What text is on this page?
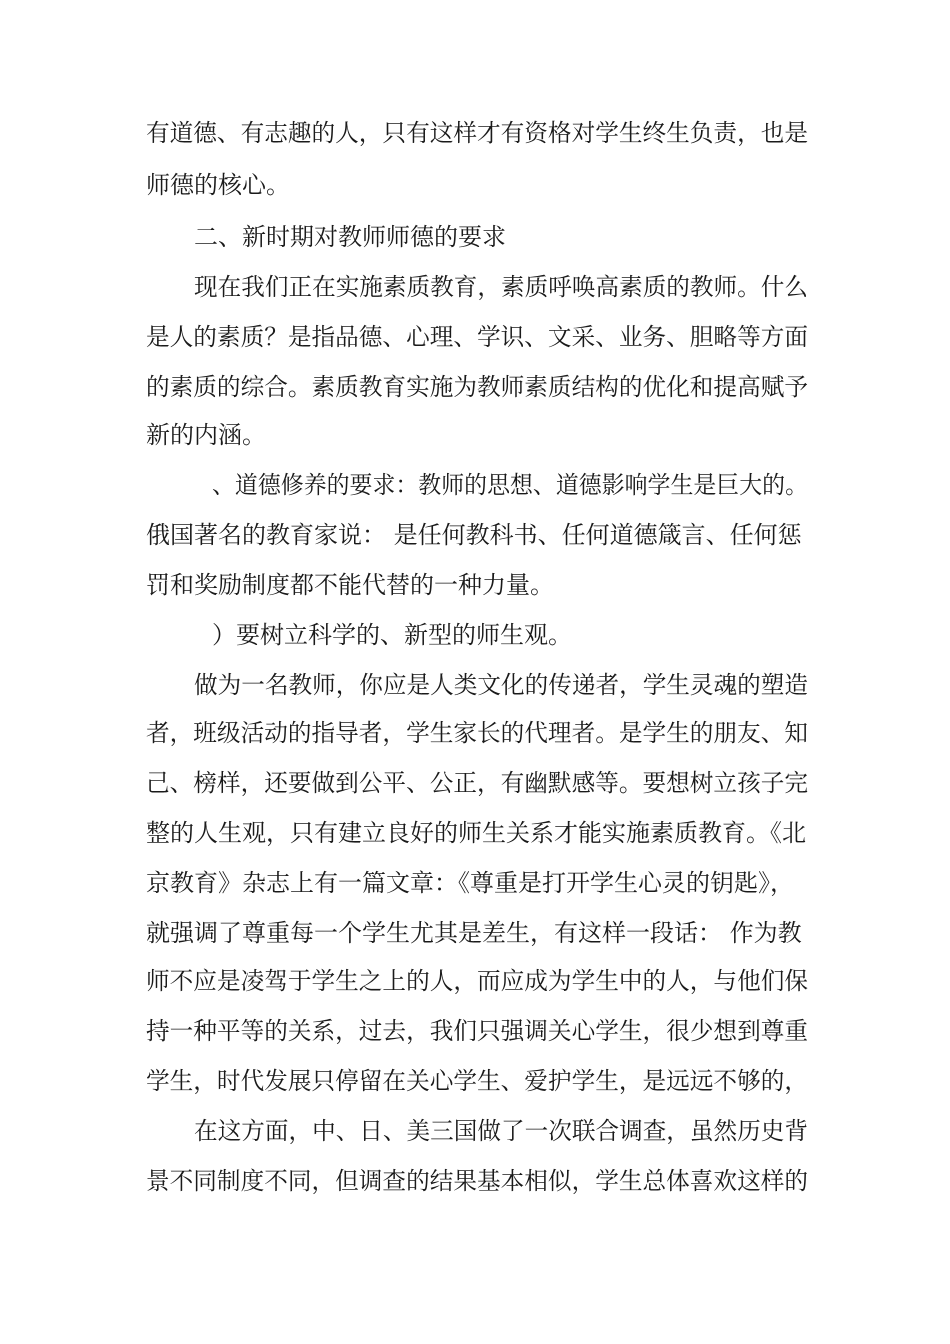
有道德、有志趣的人，只有这样才有资格对学生终生负责，也是
师德的核心。
二、新时期对教师师德的要求
现在我们正在实施素质教育，素质呼唤高素质的教师。什么
是人的素质？是指品德、心理、学识、文采、业务、胆略等方面
的素质的综合。素质教育实施为教师素质结构的优化和提高赋予
新的内涵。
、道德修养的要求：教师的思想、道德影响学生是巨大的。
俄国著名的教育家说： 是任何教科书、任何道德箴言、任何惩
罚和奖励制度都不能代替的一种力量。
）要树立科学的、新型的师生观。
做为一名教师，你应是人类文化的传递者，学生灵魂的塑造
者，班级活动的指导者，学生家长的代理者。是学生的朋友、知
己、榜样，还要做到公平、公正，有幽默感等。要想树立孩子完
整的人生观，只有建立良好的师生关系才能实施素质教育。《北
京教育》杂志上有一篇文章：《尊重是打开学生心灵的钥匙》，
就强调了尊重每一个学生尤其是差生，有这样一段话： 作为教
师不应是凌驾于学生之上的人，而应成为学生中的人，与他们保
持一种平等的关系，过去，我们只强调关心学生，很少想到尊重
学生，时代发展只停留在关心学生、爱护学生，是远远不够的，
在这方面，中、日、美三国做了一次联合调查，虽然历史背
景不同制度不同，但调查的结果基本相似，学生总体喜欢这样的
